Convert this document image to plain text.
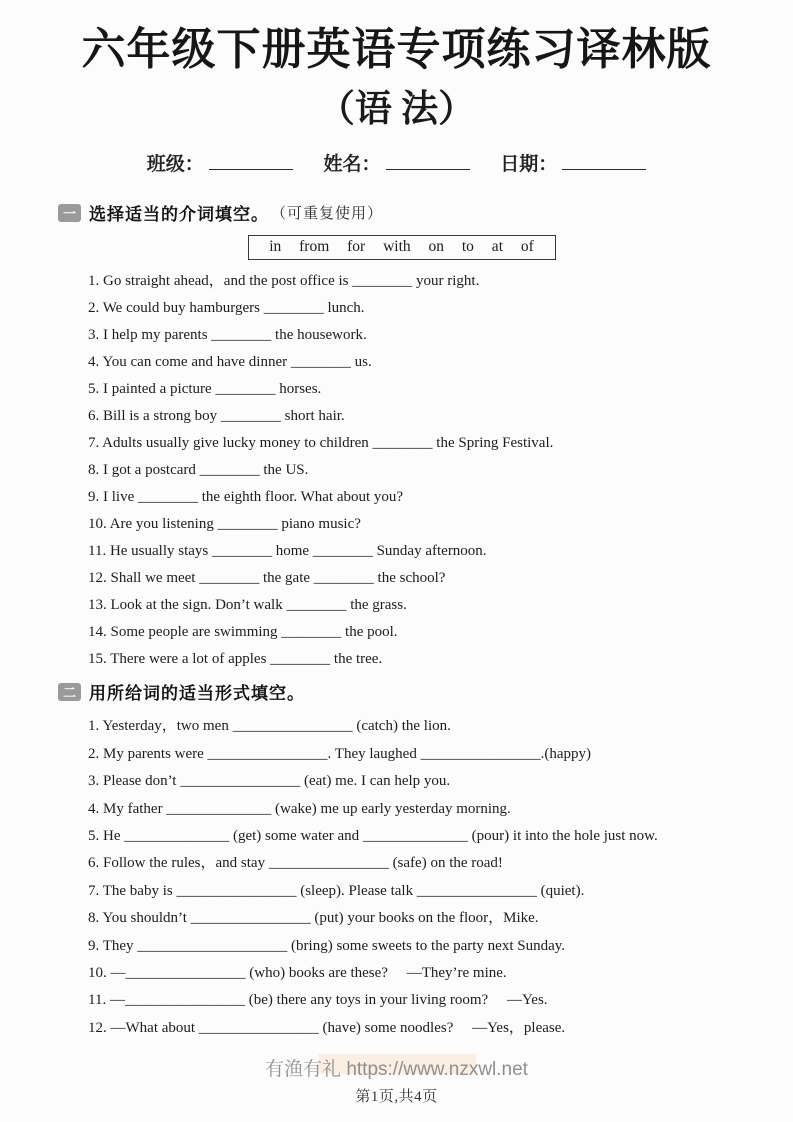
六年级下册英语专项练习译林版
（语 法）
班级：	姓名：	日期：
一 选择适当的介词填空。 （可重复使用）
in from for with on to at of
1. Go straight ahead，and the post office is ________ your right.
2. We could buy hamburgers ________ lunch.
3. I help my parents ________ the housework.
4. You can come and have dinner ________ us.
5. I painted a picture ________ horses.
6. Bill is a strong boy ________ short hair.
7. Adults usually give lucky money to children ________ the Spring Festival.
8. I got a postcard ________ the US.
9. I live ________ the eighth floor. What about you?
10. Are you listening ________ piano music?
11. He usually stays ________ home ________ Sunday afternoon.
12. Shall we meet ________ the gate ________ the school?
13. Look at the sign. Don’t walk ________ the grass.
14. Some people are swimming ________ the pool.
15. There were a lot of apples ________ the tree.
二 用所给词的适当形式填空。
1. Yesterday，two men ________________ (catch) the lion.
2. My parents were ________________. They laughed ________________.(happy)
3. Please don’t ________________ (eat) me. I can help you.
4. My father ______________ (wake) me up early yesterday morning.
5. He ______________ (get) some water and ______________ (pour) it into the hole just now.
6. Follow the rules，and stay ________________ (safe) on the road!
7. The baby is ________________ (sleep). Please talk ________________ (quiet).
8. You shouldn’t ________________ (put) your books on the floor，Mike.
9. They ____________________ (bring) some sweets to the party next Sunday.
10. —________________ (who) books are these?     —They’re mine.
11. —________________ (be) there any toys in your living room?     —Yes.
12. —What about ________________ (have) some noodles?     —Yes，please.
有渔有礼 https://www.nzxwl.net
第1页,共4页
